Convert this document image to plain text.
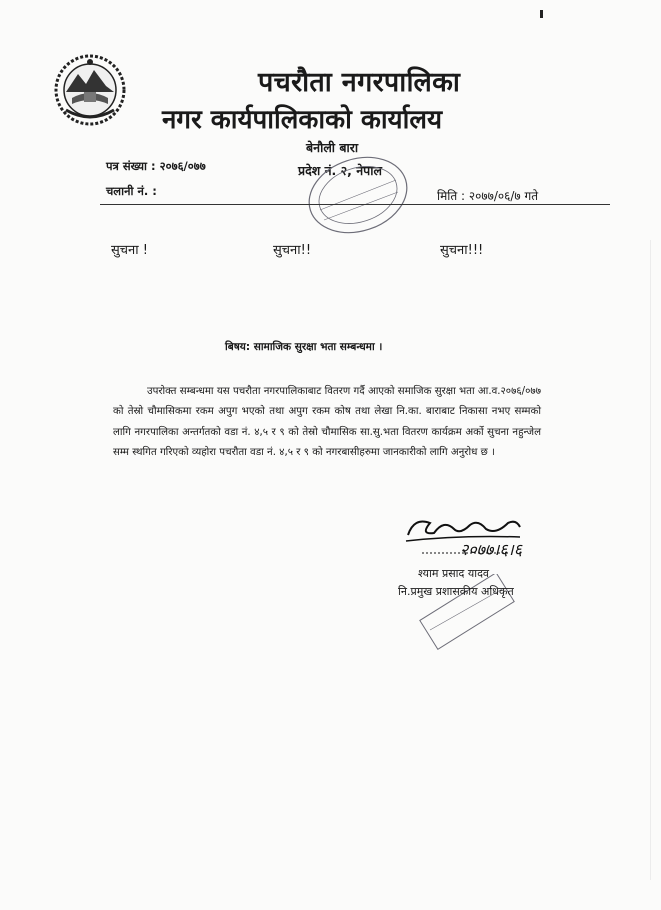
पचरौता नगरपालिका
नगर कार्यपालिकाको कार्यालय
बेनौली बारा
प्रदेश नं. २, नेपाल
पत्र संख्या : २०७६/०७७
चलानी नं. :	मिति : २०७७/०६/७ गते
सुचना !	सुचना!!	सुचना!!!
बिषय: सामाजिक सुरक्षा भता सम्बन्धमा ।
उपरोक्त सम्बन्धमा यस पचरौता नगरपालिकाबाट वितरण गर्दै आएको समाजिक सुरक्षा भता आ.व.२०७६/०७७ को तेस्रो चौमासिकमा रकम अपुग भएको तथा अपुग रकम कोष तथा लेखा नि.का. बाराबाट निकासा नभए सम्मको लागि नगरपालिका अन्तर्गतको वडा नं. ४,५ र ९ को तेस्रो चौमासिक सा.सु.भता वितरण कार्यक्रम अर्को सुचना नहुन्जेल सम्म स्थगित गरिएको व्यहोरा पचरौता वडा नं. ४,५ र ९ को नगरबासीहरुमा जानकारीको लागि अनुरोध छ ।
२०७७।६।६
श्याम प्रसाद यादव
नि.प्रमुख प्रशासकीय अधिकृत
